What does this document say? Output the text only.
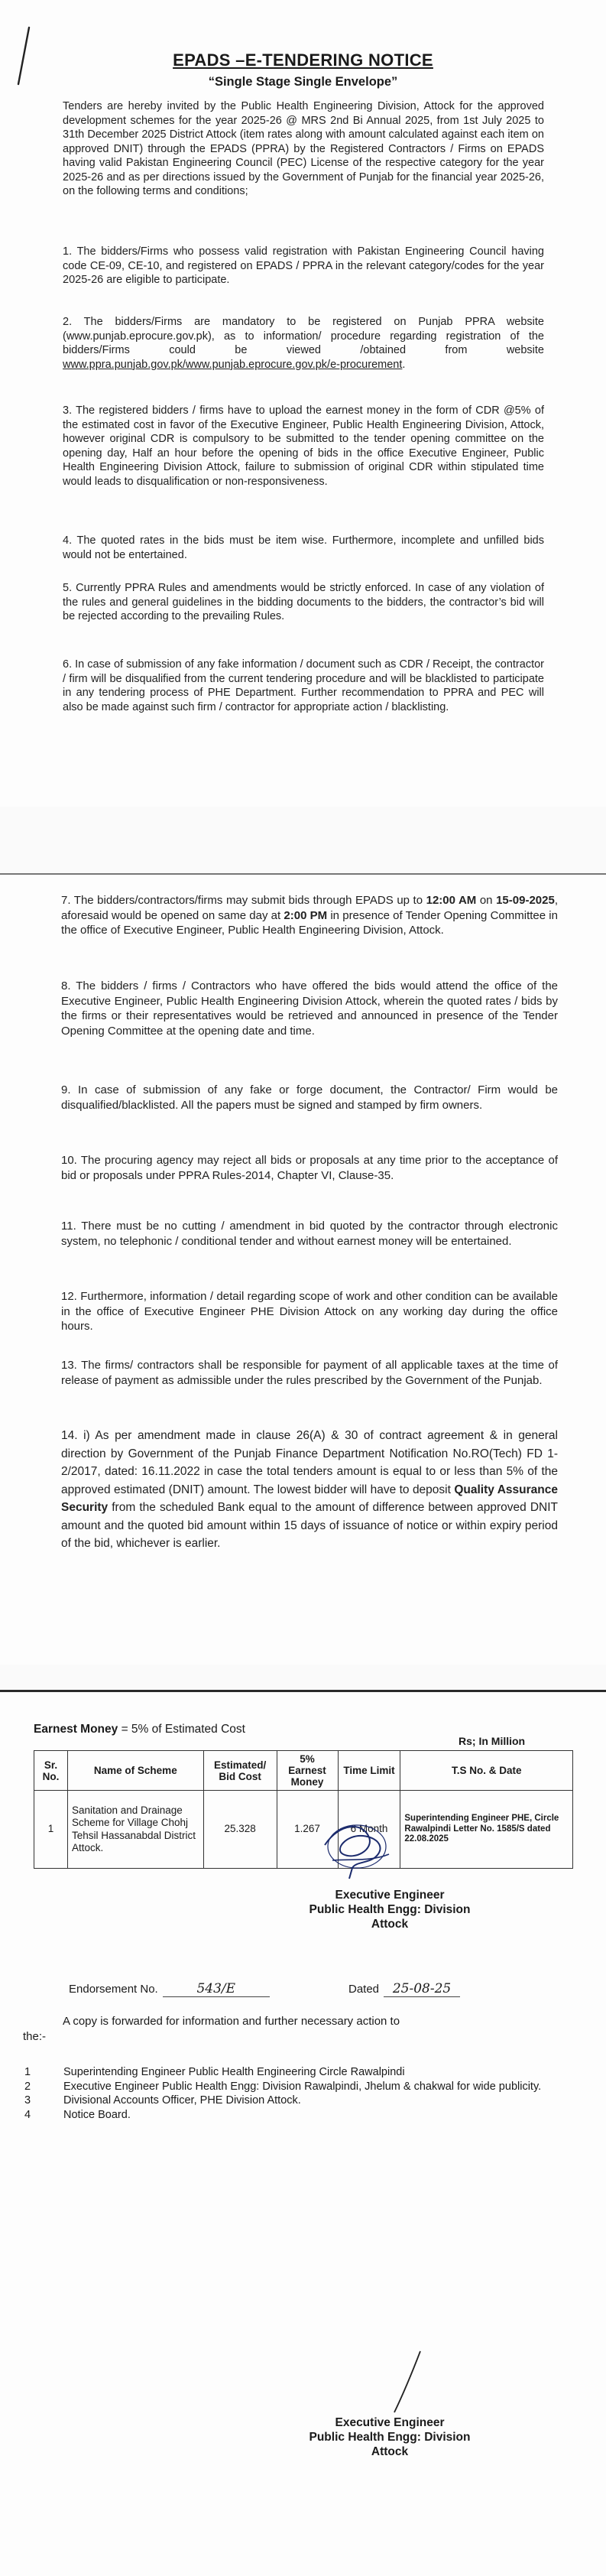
EPADS –E-TENDERING NOTICE
“Single Stage Single Envelope”

Tenders are hereby invited by the Public Health Engineering Division, Attock for the approved development schemes for the year 2025-26 @ MRS 2nd Bi Annual 2025, from 1st July 2025 to 31th December 2025 District Attock (item rates along with amount calculated against each item on approved DNIT) through the EPADS (PPRA) by the Registered Contractors / Firms on EPADS having valid Pakistan Engineering Council (PEC) License of the respective category for the year 2025-26 and as per directions issued by the Government of Punjab for the financial year 2025-26, on the following terms and conditions;

1. The bidders/Firms who possess valid registration with Pakistan Engineering Council having code CE-09, CE-10, and registered on EPADS / PPRA in the relevant category/codes for the year 2025-26 are eligible to participate.

2. The bidders/Firms are mandatory to be registered on Punjab PPRA website (www.punjab.eprocure.gov.pk), as to information/ procedure regarding registration of the bidders/Firms could be viewed /obtained from website www.ppra.punjab.gov.pk/www.punjab.eprocure.gov.pk/e-procurement.

3. The registered bidders / firms have to upload the earnest money in the form of CDR @5% of the estimated cost in favor of the Executive Engineer, Public Health Engineering Division, Attock, however original CDR is compulsory to be submitted to the tender opening committee on the opening day, Half an hour before the opening of bids in the office Executive Engineer, Public Health Engineering Division Attock, failure to submission of original CDR within stipulated time would leads to disqualification or non-responsiveness.

4. The quoted rates in the bids must be item wise. Furthermore, incomplete and unfilled bids would not be entertained.

5. Currently PPRA Rules and amendments would be strictly enforced. In case of any violation of the rules and general guidelines in the bidding documents to the bidders, the contractor’s bid will be rejected according to the prevailing Rules.

6. In case of submission of any fake information / document such as CDR / Receipt, the contractor / firm will be disqualified from the current tendering procedure and will be blacklisted to participate in any tendering process of PHE Department. Further recommendation to PPRA and PEC will also be made against such firm / contractor for appropriate action / blacklisting.

7. The bidders/contractors/firms may submit bids through EPADS up to 12:00 AM on 15-09-2025, aforesaid would be opened on same day at 2:00 PM in presence of Tender Opening Committee in the office of Executive Engineer, Public Health Engineering Division, Attock.

8. The bidders / firms / Contractors who have offered the bids would attend the office of the Executive Engineer, Public Health Engineering Division Attock, wherein the quoted rates / bids by the firms or their representatives would be retrieved and announced in presence of the Tender Opening Committee at the opening date and time.

9. In case of submission of any fake or forge document, the Contractor/ Firm would be disqualified/blacklisted. All the papers must be signed and stamped by firm owners.

10. The procuring agency may reject all bids or proposals at any time prior to the acceptance of bid or proposals under PPRA Rules-2014, Chapter VI, Clause-35.

11. There must be no cutting / amendment in bid quoted by the contractor through electronic system, no telephonic / conditional tender and without earnest money will be entertained.

12. Furthermore, information / detail regarding scope of work and other condition can be available in the office of Executive Engineer PHE Division Attock on any working day during the office hours.

13. The firms/ contractors shall be responsible for payment of all applicable taxes at the time of release of payment as admissible under the rules prescribed by the Government of the Punjab.

14. i) As per amendment made in clause 26(A) & 30 of contract agreement & in general direction by Government of the Punjab Finance Department Notification No.RO(Tech) FD 1-2/2017, dated: 16.11.2022 in case the total tenders amount is equal to or less than 5% of the approved estimated (DNIT) amount. The lowest bidder will have to deposit Quality Assurance Security from the scheduled Bank equal to the amount of difference between approved DNIT amount and the quoted bid amount within 15 days of issuance of notice or within expiry period of the bid, whichever is earlier.

Earnest Money = 5% of Estimated Cost
Rs; In Million
Sr. No.	Name of Scheme	Estimated/ Bid Cost	5% Earnest Money	Time Limit	T.S No. & Date
1	Sanitation and Drainage Scheme for Village Chohj Tehsil Hassanabdal District Attock.	25.328	1.267	6 Month	Superintending Engineer PHE, Circle Rawalpindi Letter No. 1585/S dated 22.08.2025
Executive Engineer
Public Health Engg: Division
Attock
Endorsement No.	543/E	Dated 25-08-25
A copy is forwarded for information and further necessary action to
the:-
1	Superintending Engineer Public Health Engineering Circle Rawalpindi
2	Executive Engineer Public Health Engg: Division Rawalpindi, Jhelum & chakwal for wide publicity.
3	Divisional Accounts Officer, PHE Division Attock.
4	Notice Board.
Executive Engineer
Public Health Engg: Division
Attock
